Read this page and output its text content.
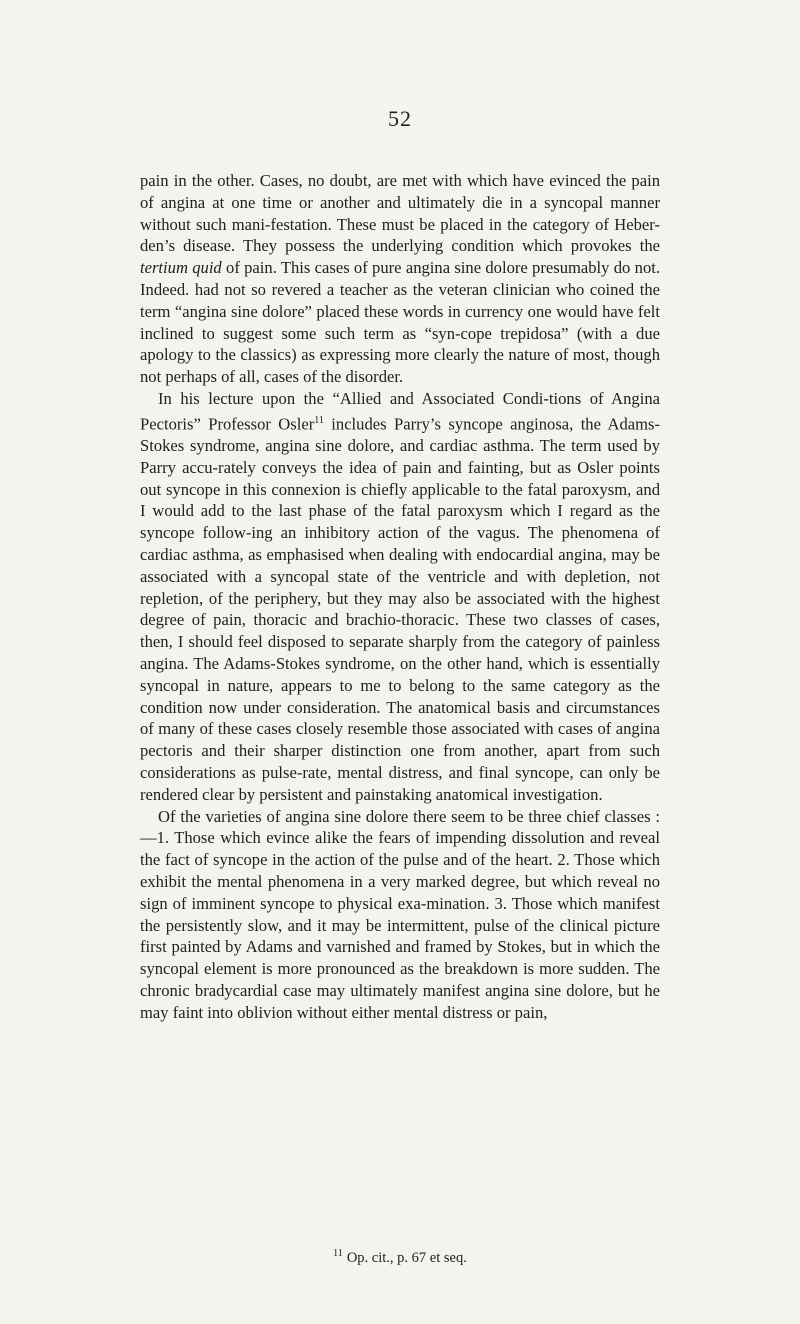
52

pain in the other. Cases, no doubt, are met with which have evinced the pain of angina at one time or another and ultimately die in a syncopal manner without such mani-festation. These must be placed in the category of Heber-den’s disease. They possess the underlying condition which provokes the tertium quid of pain. This cases of pure angina sine dolore presumably do not. Indeed. had not so revered a teacher as the veteran clinician who coined the term “angina sine dolore” placed these words in currency one would have felt inclined to suggest some such term as “syn-cope trepidosa” (with a due apology to the classics) as expressing more clearly the nature of most, though not perhaps of all, cases of the disorder.

In his lecture upon the “Allied and Associated Condi-tions of Angina Pectoris” Professor Osler$^{11}$ includes Parry’s syncope anginosa, the Adams-Stokes syndrome, angina sine dolore, and cardiac asthma. The term used by Parry accu-rately conveys the idea of pain and fainting, but as Osler points out syncope in this connexion is chiefly applicable to the fatal paroxysm, and I would add to the last phase of the fatal paroxysm which I regard as the syncope follow-ing an inhibitory action of the vagus. The phenomena of cardiac asthma, as emphasised when dealing with endocardial angina, may be associated with a syncopal state of the ventricle and with depletion, not repletion, of the periphery, but they may also be associated with the highest degree of pain, thoracic and brachio-thoracic. These two classes of cases, then, I should feel disposed to separate sharply from the category of painless angina. The Adams-Stokes syndrome, on the other hand, which is essentially syncopal in nature, appears to me to belong to the same category as the condition now under consideration. The anatomical basis and circumstances of many of these cases closely resemble those associated with cases of angina pectoris and their sharper distinction one from another, apart from such considerations as pulse-rate, mental distress, and final syncope, can only be rendered clear by persistent and painstaking anatomical investigation.

Of the varieties of angina sine dolore there seem to be three chief classes :—1. Those which evince alike the fears of impending dissolution and reveal the fact of syncope in the action of the pulse and of the heart. 2. Those which exhibit the mental phenomena in a very marked degree, but which reveal no sign of imminent syncope to physical exa-mination. 3. Those which manifest the persistently slow, and it may be intermittent, pulse of the clinical picture first painted by Adams and varnished and framed by Stokes, but in which the syncopal element is more pronounced as the breakdown is more sudden. The chronic bradycardial case may ultimately manifest angina sine dolore, but he may faint into oblivion without either mental distress or pain,

$^{11}$ Op. cit., p. 67 et seq.
